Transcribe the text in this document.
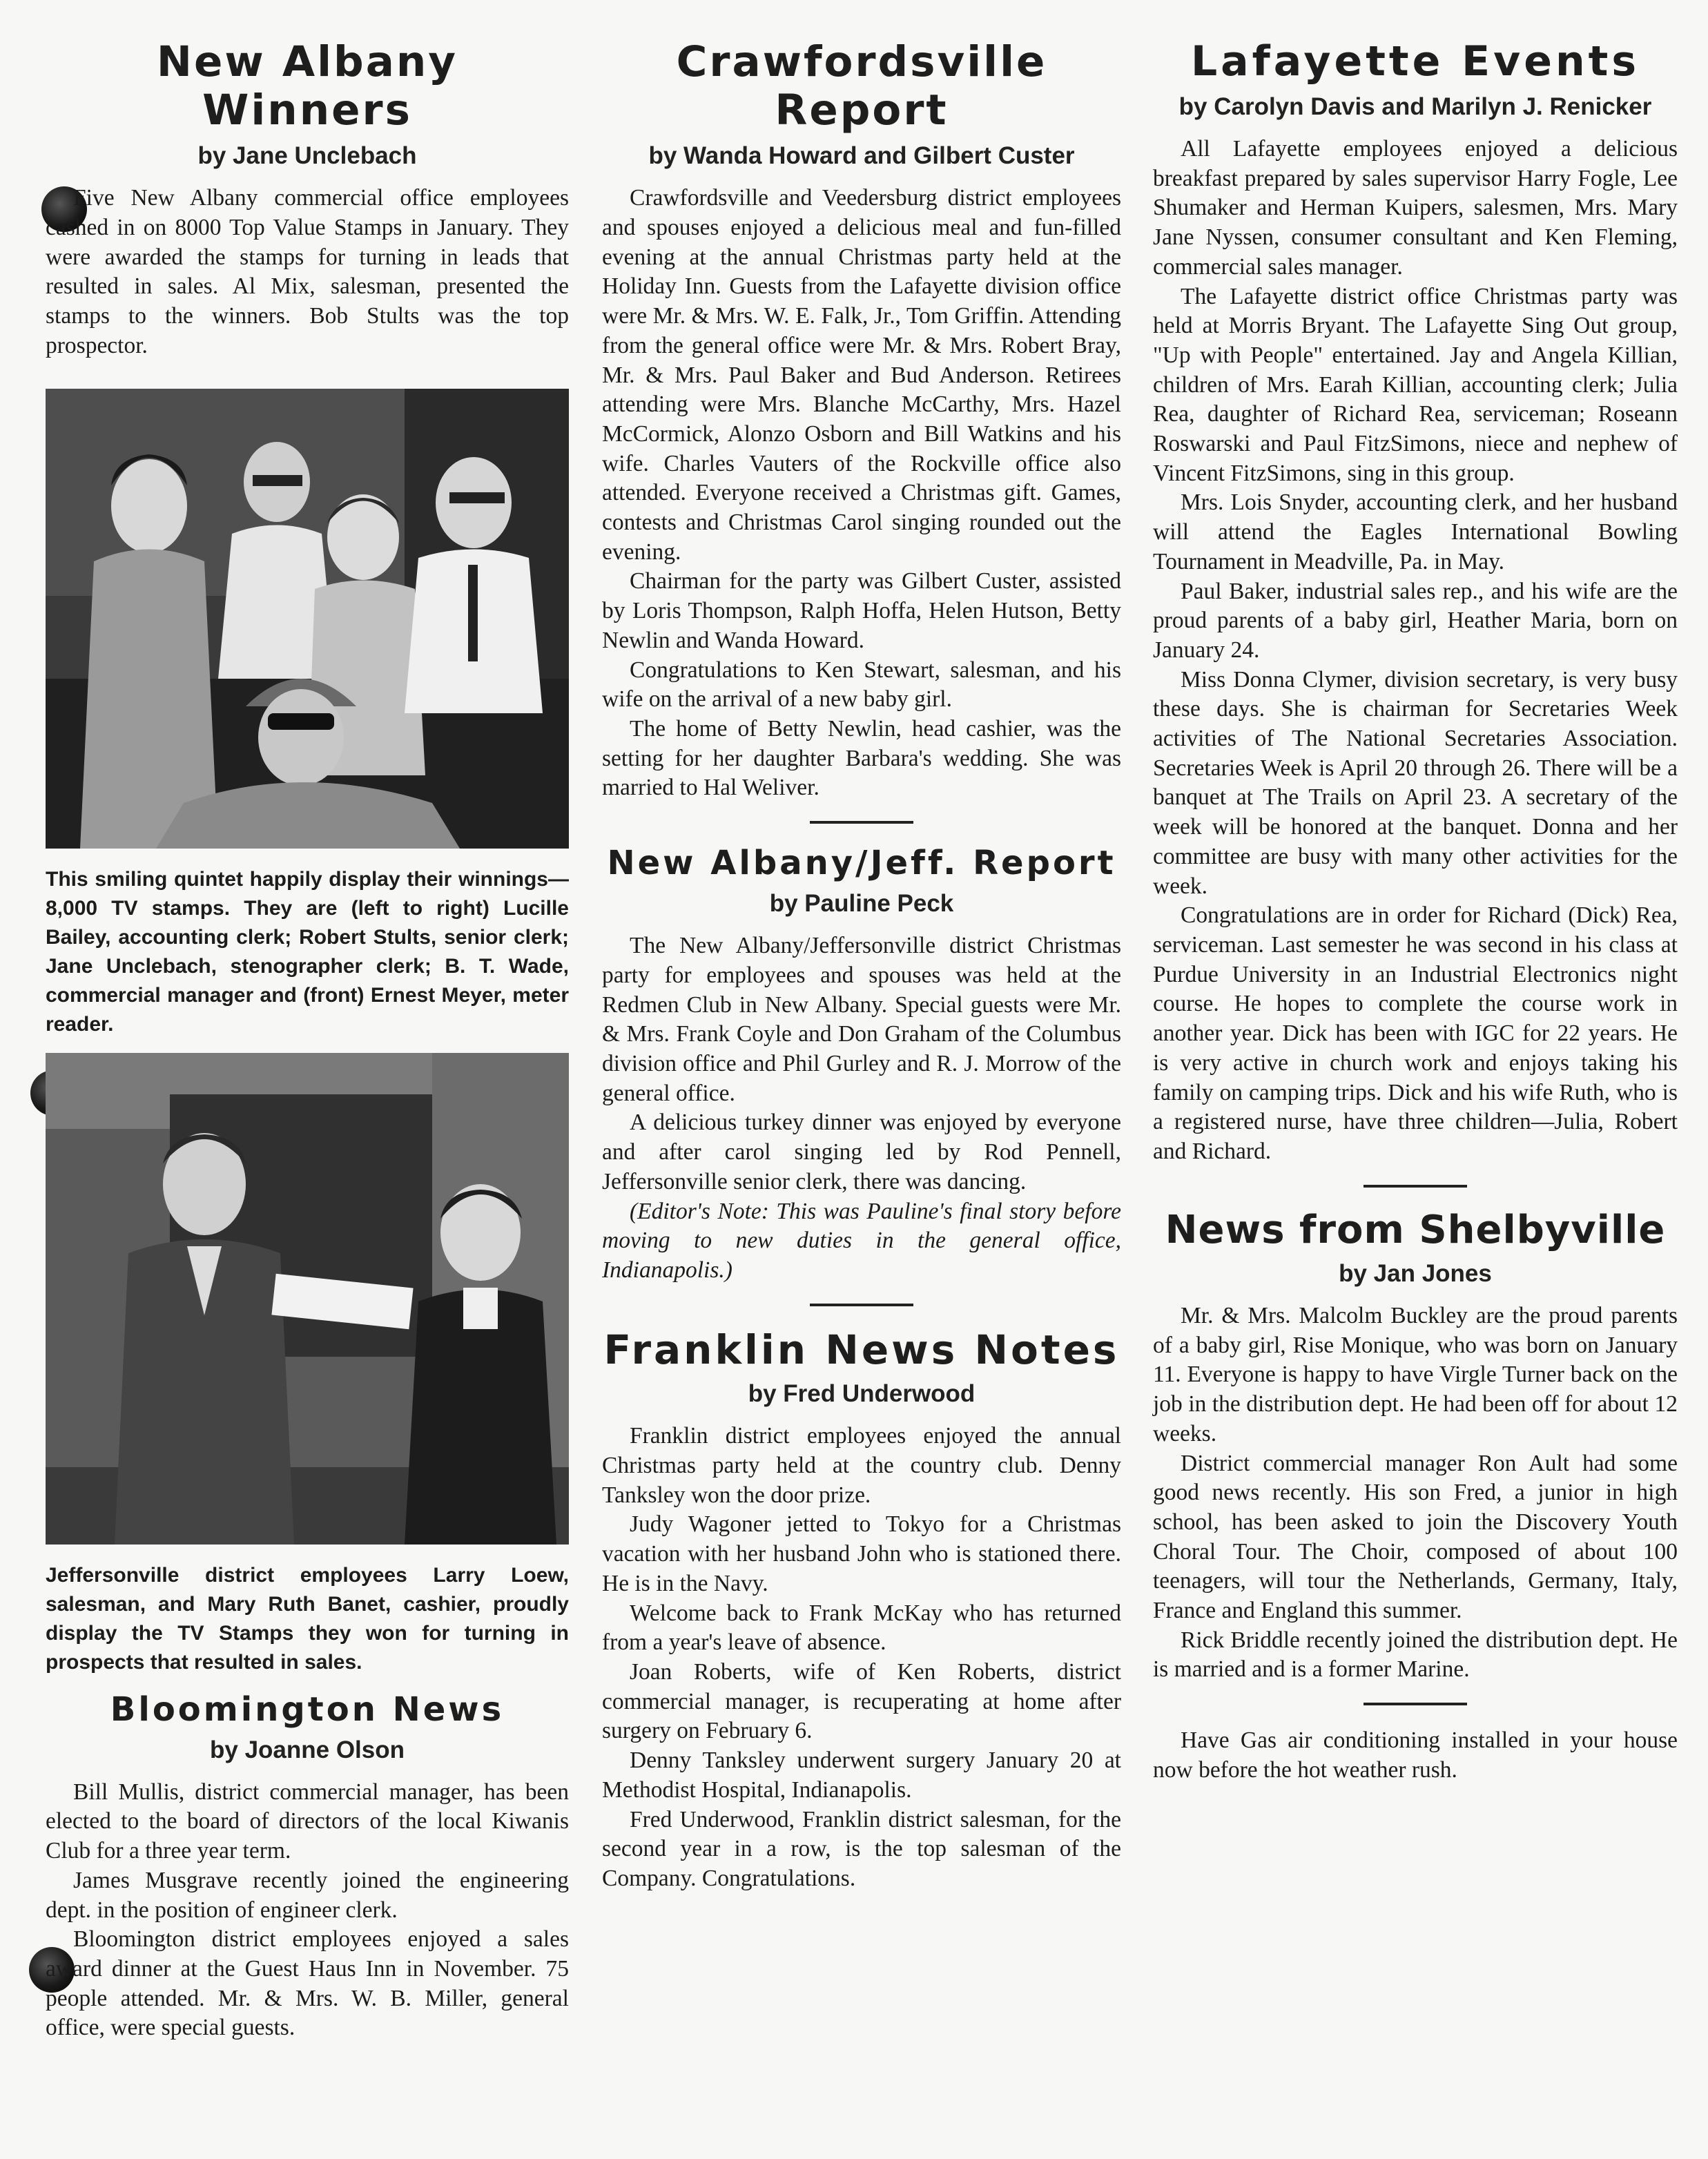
New Albany Winners
by Jane Unclebach

Five New Albany commercial office employees cashed in on 8000 Top Value Stamps in January. They were awarded the stamps for turning in leads that resulted in sales. Al Mix, salesman, presented the stamps to the winners. Bob Stults was the top prospector.

This smiling quintet happily display their winnings—8,000 TV stamps. They are (left to right) Lucille Bailey, accounting clerk; Robert Stults, senior clerk; Jane Unclebach, stenographer clerk; B. T. Wade, commercial manager and (front) Ernest Meyer, meter reader.
Jeffersonville district employees Larry Loew, salesman, and Mary Ruth Banet, cashier, proudly display the TV Stamps they won for turning in prospects that resulted in sales.
Bloomington News
by Joanne Olson

Bill Mullis, district commercial manager, has been elected to the board of directors of the local Kiwanis Club for a three year term.

James Musgrave recently joined the engineering dept. in the position of engineer clerk.

Bloomington district employees enjoyed a sales award dinner at the Guest Haus Inn in November. 75 people attended. Mr. & Mrs. W. B. Miller, general office, were special guests.

Crawfordsville Report
by Wanda Howard and Gilbert Custer

Crawfordsville and Veedersburg district employees and spouses enjoyed a delicious meal and fun-filled evening at the annual Christmas party held at the Holiday Inn. Guests from the Lafayette division office were Mr. & Mrs. W. E. Falk, Jr., Tom Griffin. Attending from the general office were Mr. & Mrs. Robert Bray, Mr. & Mrs. Paul Baker and Bud Anderson. Retirees attending were Mrs. Blanche McCarthy, Mrs. Hazel McCormick, Alonzo Osborn and Bill Watkins and his wife. Charles Vauters of the Rockville office also attended. Everyone received a Christmas gift. Games, contests and Christmas Carol singing rounded out the evening.

Chairman for the party was Gilbert Custer, assisted by Loris Thompson, Ralph Hoffa, Helen Hutson, Betty Newlin and Wanda Howard.

Congratulations to Ken Stewart, salesman, and his wife on the arrival of a new baby girl.

The home of Betty Newlin, head cashier, was the setting for her daughter Barbara's wedding. She was married to Hal Weliver.

New Albany/Jeff. Report
by Pauline Peck

The New Albany/Jeffersonville district Christmas party for employees and spouses was held at the Redmen Club in New Albany. Special guests were Mr. & Mrs. Frank Coyle and Don Graham of the Columbus division office and Phil Gurley and R. J. Morrow of the general office.

A delicious turkey dinner was enjoyed by everyone and after carol singing led by Rod Pennell, Jeffersonville senior clerk, there was dancing.

(Editor's Note: This was Pauline's final story before moving to new duties in the general office, Indianapolis.)

Franklin News Notes
by Fred Underwood

Franklin district employees enjoyed the annual Christmas party held at the country club. Denny Tanksley won the door prize.

Judy Wagoner jetted to Tokyo for a Christmas vacation with her husband John who is stationed there. He is in the Navy.

Welcome back to Frank McKay who has returned from a year's leave of absence.

Joan Roberts, wife of Ken Roberts, district commercial manager, is recuperating at home after surgery on February 6.

Denny Tanksley underwent surgery January 20 at Methodist Hospital, Indianapolis.

Fred Underwood, Franklin district salesman, for the second year in a row, is the top salesman of the Company. Congratulations.

Lafayette Events
by Carolyn Davis and Marilyn J. Renicker

All Lafayette employees enjoyed a delicious breakfast prepared by sales supervisor Harry Fogle, Lee Shumaker and Herman Kuipers, salesmen, Mrs. Mary Jane Nyssen, consumer consultant and Ken Fleming, commercial sales manager.

The Lafayette district office Christmas party was held at Morris Bryant. The Lafayette Sing Out group, "Up with People" entertained. Jay and Angela Killian, children of Mrs. Earah Killian, accounting clerk; Julia Rea, daughter of Richard Rea, serviceman; Roseann Roswarski and Paul FitzSimons, niece and nephew of Vincent FitzSimons, sing in this group.

Mrs. Lois Snyder, accounting clerk, and her husband will attend the Eagles International Bowling Tournament in Meadville, Pa. in May.

Paul Baker, industrial sales rep., and his wife are the proud parents of a baby girl, Heather Maria, born on January 24.

Miss Donna Clymer, division secretary, is very busy these days. She is chairman for Secretaries Week activities of The National Secretaries Association. Secretaries Week is April 20 through 26. There will be a banquet at The Trails on April 23. A secretary of the week will be honored at the banquet. Donna and her committee are busy with many other activities for the week.

Congratulations are in order for Richard (Dick) Rea, serviceman. Last semester he was second in his class at Purdue University in an Industrial Electronics night course. He hopes to complete the course work in another year. Dick has been with IGC for 22 years. He is very active in church work and enjoys taking his family on camping trips. Dick and his wife Ruth, who is a registered nurse, have three children—Julia, Robert and Richard.

News from Shelbyville
by Jan Jones

Mr. & Mrs. Malcolm Buckley are the proud parents of a baby girl, Rise Monique, who was born on January 11. Everyone is happy to have Virgle Turner back on the job in the distribution dept. He had been off for about 12 weeks.

District commercial manager Ron Ault had some good news recently. His son Fred, a junior in high school, has been asked to join the Discovery Youth Choral Tour. The Choir, composed of about 100 teenagers, will tour the Netherlands, Germany, Italy, France and England this summer.

Rick Briddle recently joined the distribution dept. He is married and is a former Marine.

Have Gas air conditioning installed in your house now before the hot weather rush.
